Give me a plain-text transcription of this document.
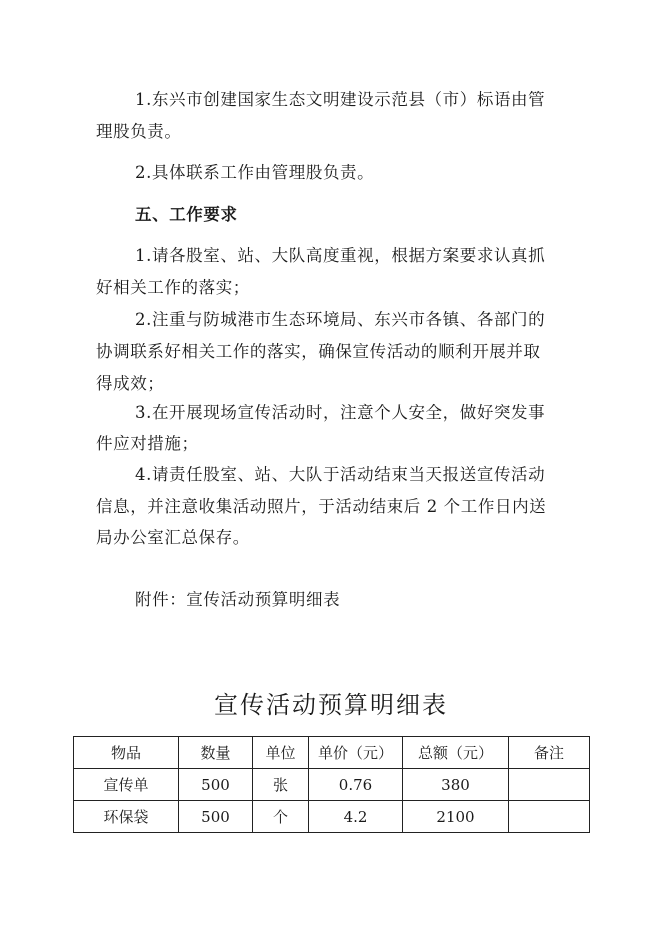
1.东兴市创建国家生态文明建设示范县（市）标语由管
理股负责。
2.具体联系工作由管理股负责。
五、工作要求
1.请各股室、站、大队高度重视，根据方案要求认真抓
好相关工作的落实；
2.注重与防城港市生态环境局、东兴市各镇、各部门的
协调联系好相关工作的落实，确保宣传活动的顺利开展并取
得成效；
3.在开展现场宣传活动时，注意个人安全，做好突发事
件应对措施；
4.请责任股室、站、大队于活动结束当天报送宣传活动
信息，并注意收集活动照片，于活动结束后 2 个工作日内送
局办公室汇总保存。
附件：宣传活动预算明细表
宣传活动预算明细表
物品	数量	单位	单价（元）	总额（元）	备注
宣传单	500	张	0.76	380	
环保袋	500	个	4.2	2100	
